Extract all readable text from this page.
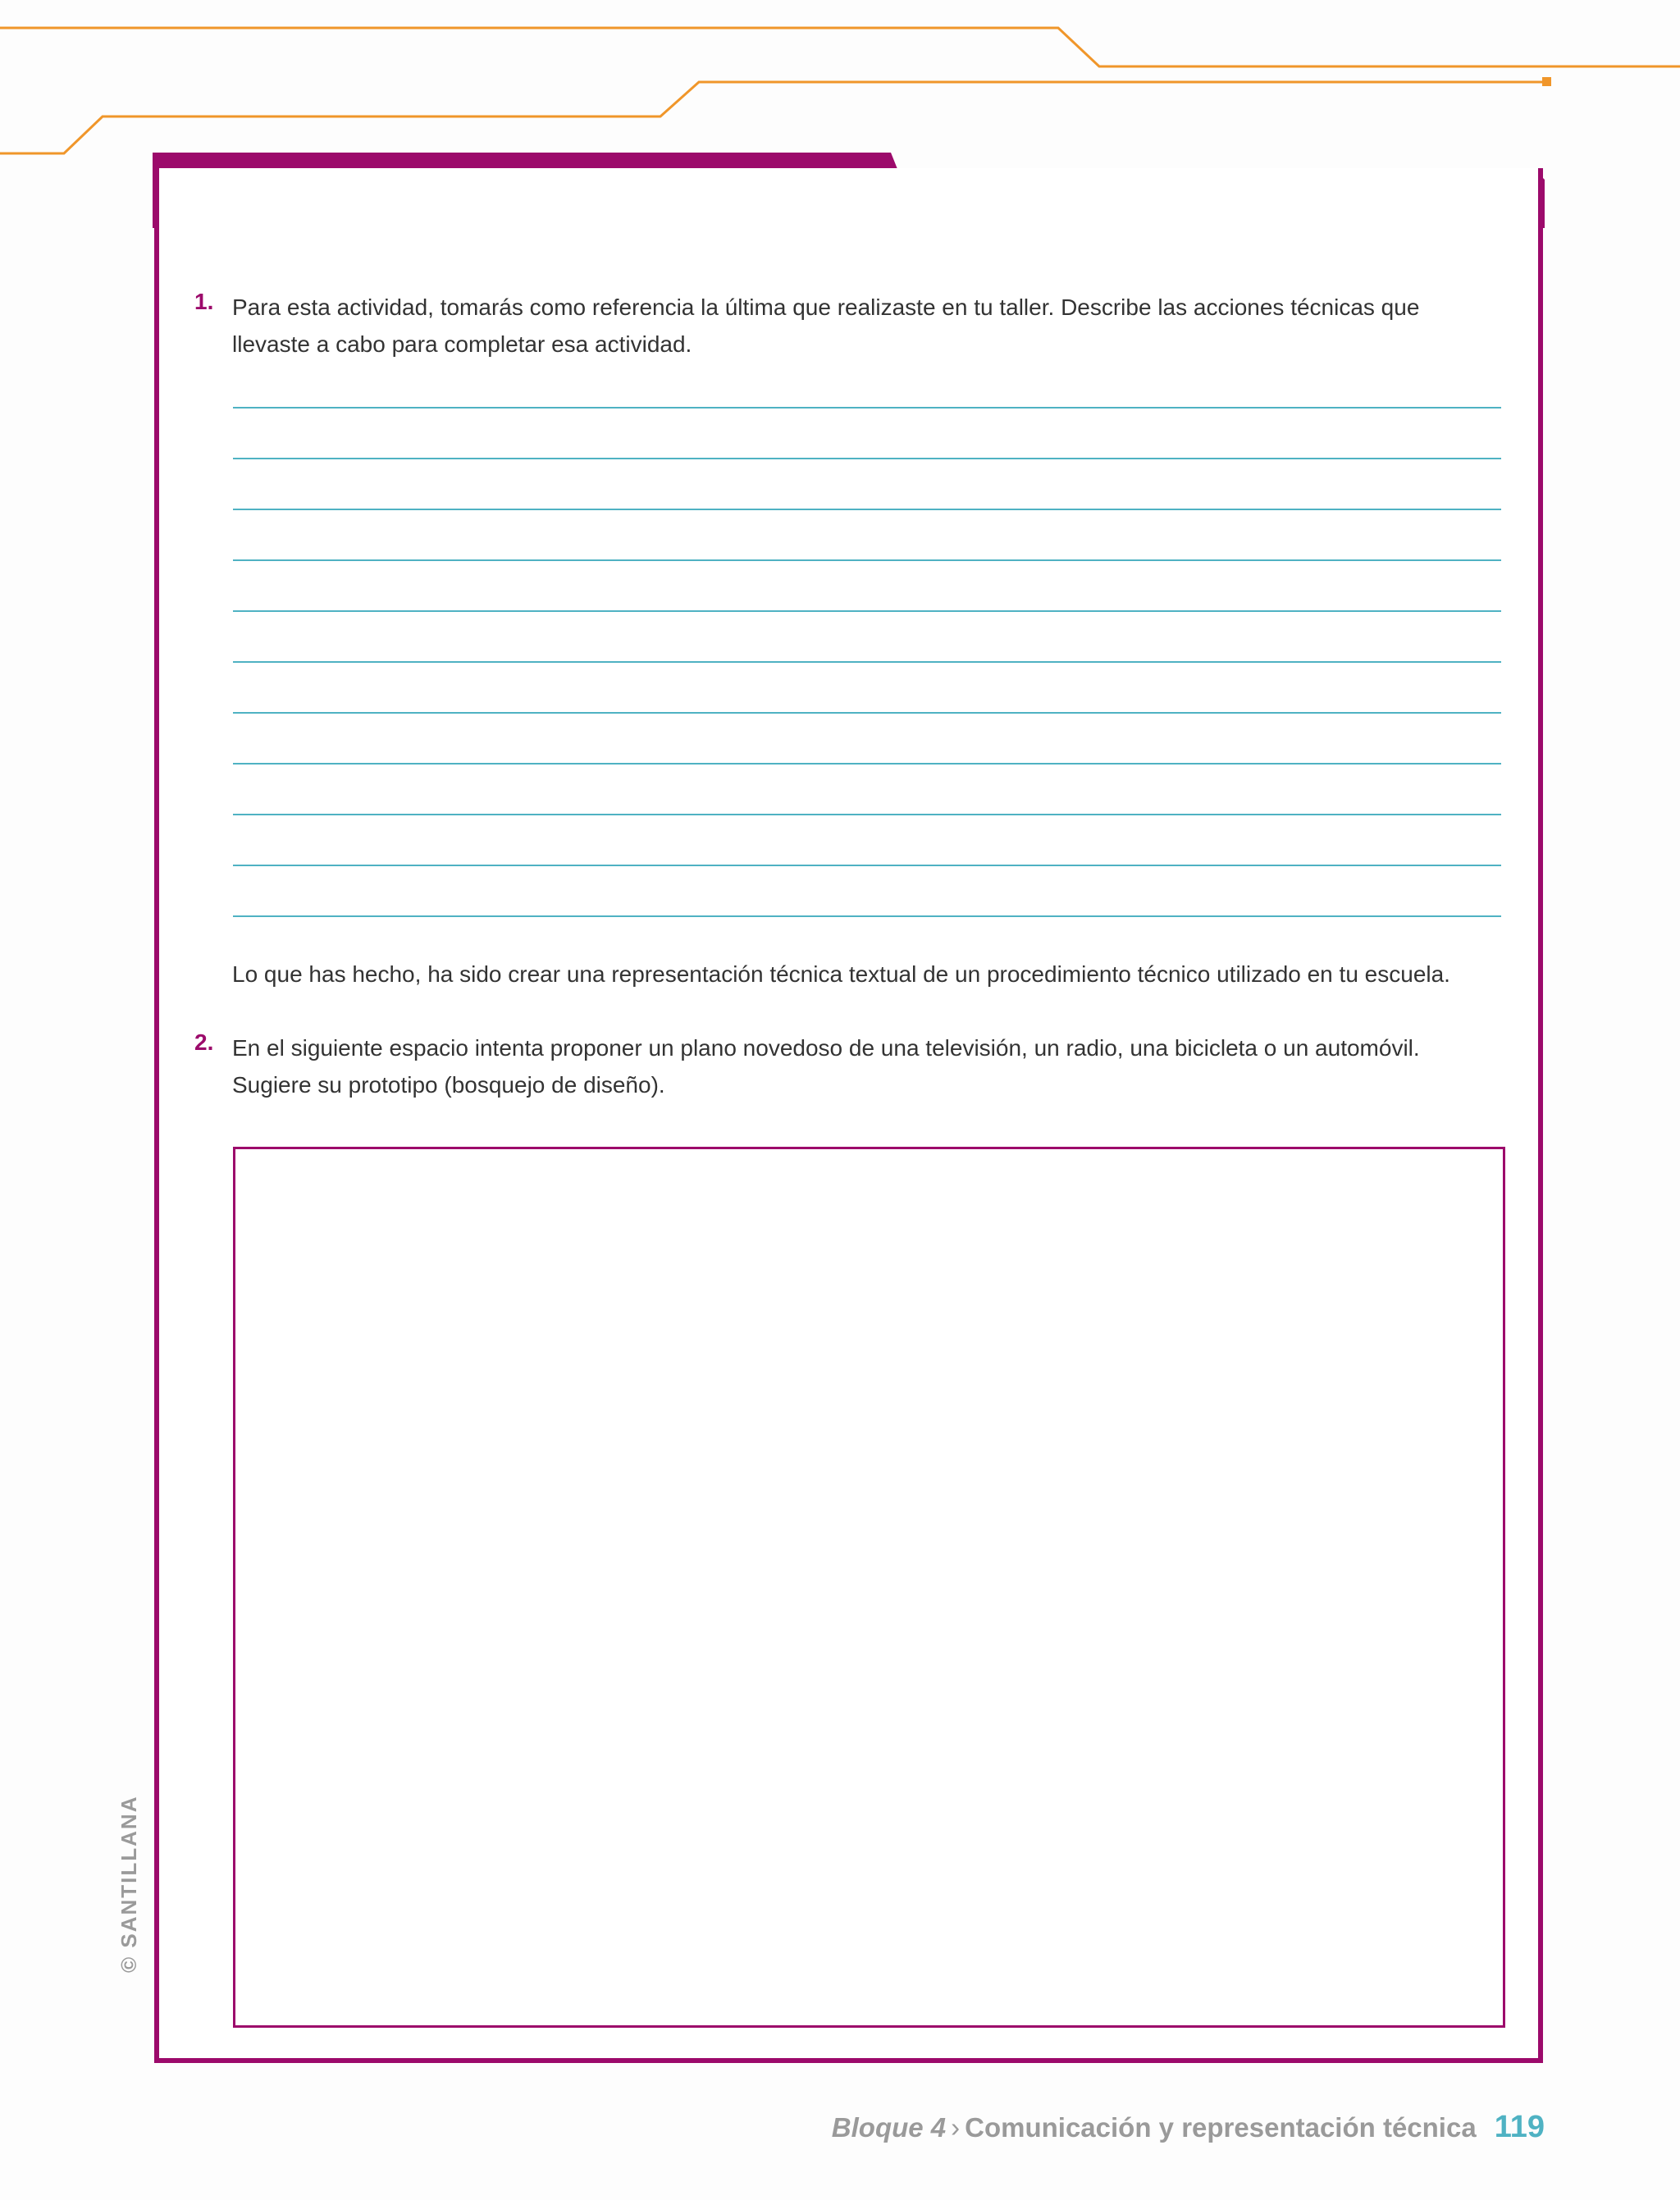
1. Para esta actividad, tomarás como referencia la última que realizaste en tu taller. Describe las acciones técnicas que llevaste a cabo para completar esa actividad.
Lo que has hecho, ha sido crear una representación técnica textual de un procedimiento técnico utilizado en tu escuela.
2. En el siguiente espacio intenta proponer un plano novedoso de una televisión, un radio, una bicicleta o un automóvil. Sugiere su prototipo (bosquejo de diseño).
© SANTILLANA
Bloque 4 › Comunicación y representación técnica 119
